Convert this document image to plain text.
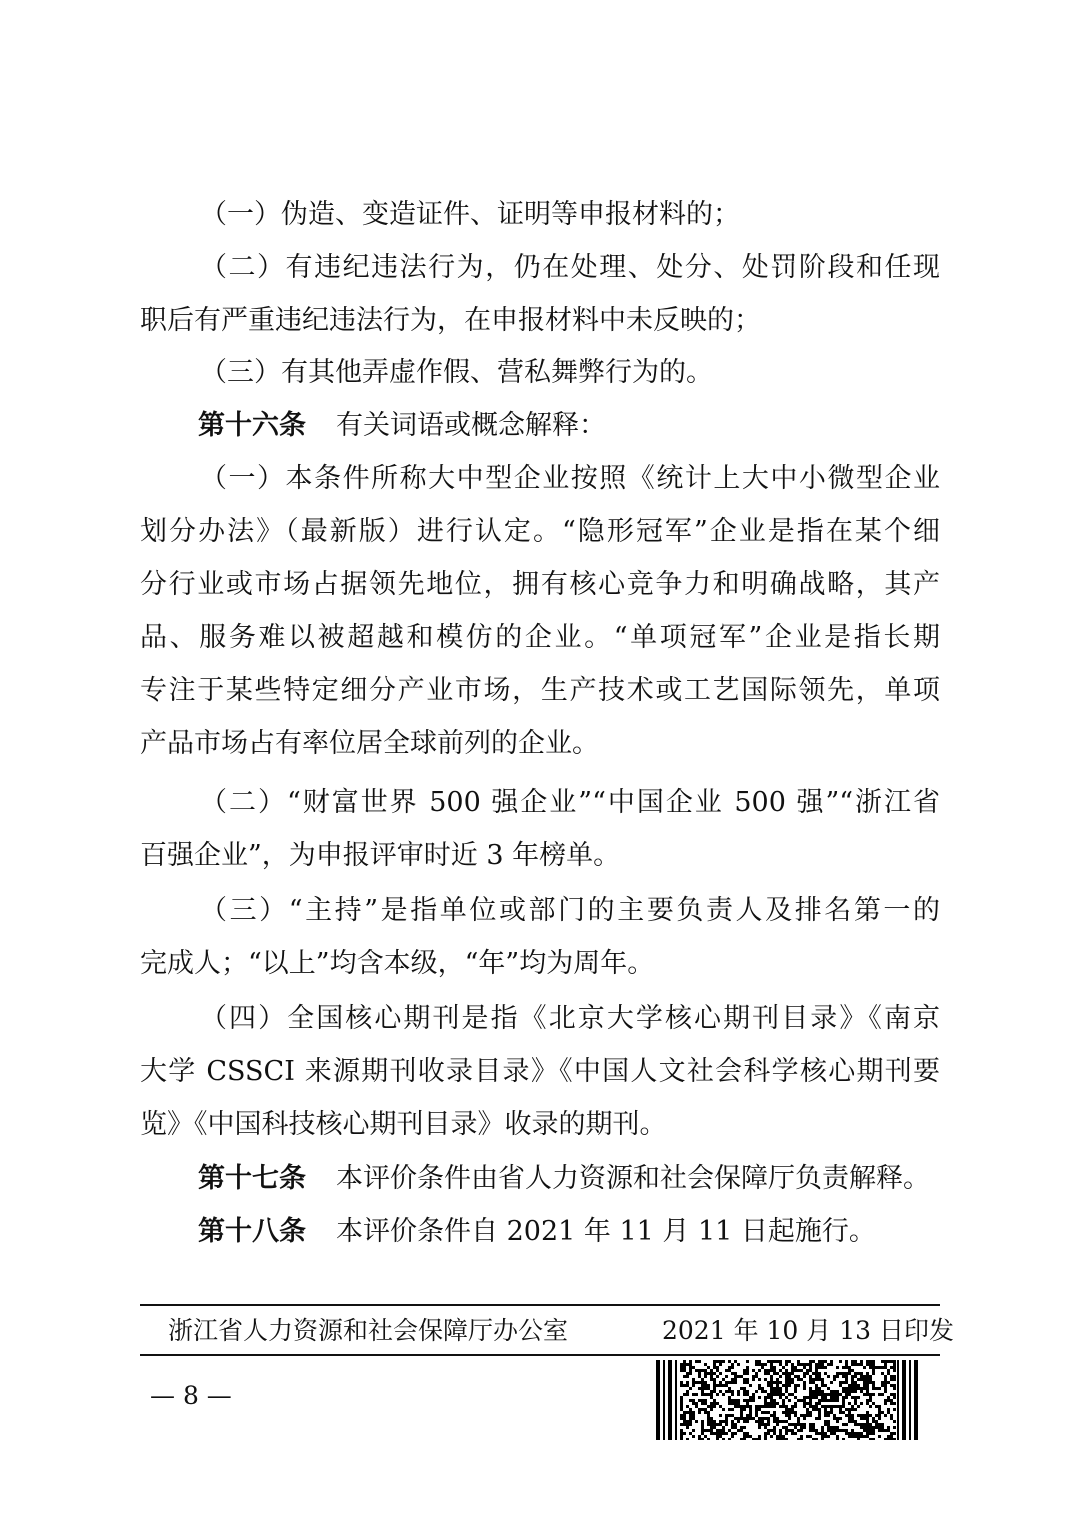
（一）伪造、变造证件、证明等申报材料的；
（二）有违纪违法行为，仍在处理、处分、处罚阶段和任现
职后有严重违纪违法行为，在申报材料中未反映的；
（三）有其他弄虚作假、营私舞弊行为的。
第十六条 有关词语或概念解释：
（一）本条件所称大中型企业按照《统计上大中小微型企业
划分办法》（最新版）进行认定。“隐形冠军”企业是指在某个细
分行业或市场占据领先地位，拥有核心竞争力和明确战略，其产
品、服务难以被超越和模仿的企业。“单项冠军”企业是指长期
专注于某些特定细分产业市场，生产技术或工艺国际领先，单项
产品市场占有率位居全球前列的企业。
（二）“财富世界 500 强企业”“中国企业 500 强”“浙江省
百强企业”，为申报评审时近 3 年榜单。
（三）“主持”是指单位或部门的主要负责人及排名第一的
完成人；“以上”均含本级，“年”均为周年。
（四）全国核心期刊是指《北京大学核心期刊目录》《南京
大学 CSSCI 来源期刊收录目录》《中国人文社会科学核心期刊要
览》《中国科技核心期刊目录》收录的期刊。
第十七条 本评价条件由省人力资源和社会保障厅负责解释。
第十八条 本评价条件自 2021 年 11 月 11 日起施行。
浙江省人力资源和社会保障厅办公室	2021 年 10 月 13 日印发
— 8 —
